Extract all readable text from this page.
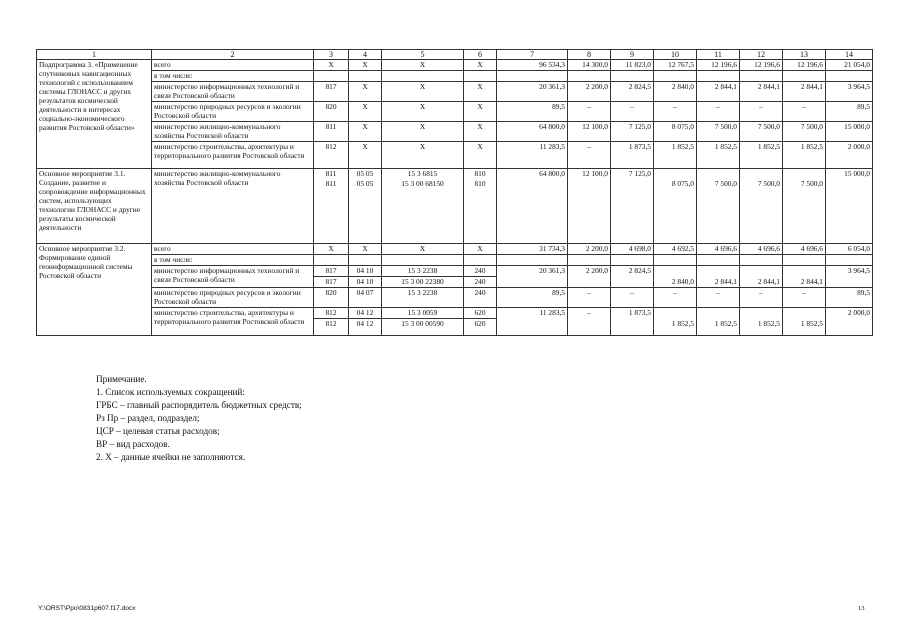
1	2	3	4	5	6	7	8	9	10	11	12	13	14
Подпрограмма 3. «Применение спутниковых навигационных технологий с использованием системы ГЛОНАСС и других результатов космической деятельности в интересах социально-экономического развития Ростовской области»	всего	Х	Х	Х	Х	96 534,3	14 300,0	11 823,0	12 767,5	12 196,6	12 196,6	12 196,6	21 054,0
	в том числе:												
	министерство информационных технологий и связи Ростовской области	817	Х	Х	Х	20 361,3	2 200,0	2 824,5	2 840,0	2 844,1	2 844,1	2 844,1	3 964,5
	министерство природных ресурсов и экологии Ростовской области	820	Х	Х	Х	89,5	–	–	–	–	–	–	89,5
	министерство жилищно-коммунального хозяйства Ростовской области	811	Х	Х	Х	64 800,0	12 100,0	7 125,0	8 075,0	7 500,0	7 500,0	7 500,0	15 000,0
	министерство строительства, архитектуры и территориального развития Ростовской области	812	Х	Х	Х	11 283,5	–	1 873,5	1 852,5	1 852,5	1 852,5	1 852,5	2 000,0
Основное мероприятие 3.1. Создание, развитие и сопровождение информационных систем, использующих технологии ГЛОНАСС и другие результаты космической деятельности	министерство жилищно-коммунального хозяйства Ростовской области	811	05 05	15 3 6815	810	64 800,0	12 100,0	7 125,0					15 000,0
		811	05 05	15 3 00 68150	810				8 075,0	7 500,0	7 500,0	7 500,0	

Основное мероприятие 3.2. Формирование единой геоинформационной системы Ростовской области	всего	Х	Х	Х	Х	31 734,3	2 200,0	4 698,0	4 692,5	4 696,6	4 696,6	4 696,6	6 054,0
	в том числе:												
	министерство информационных технологий и связи Ростовской области	817	04 10	15 3 2238	240	20 361,3	2 200,0	2 824,5					3 964,5
		817	04 10	15 3 00 22380	240				2 840,0	2 844,1	2 844,1	2 844,1	
	министерство природных ресурсов и экологии Ростовской области	820	04 07	15 3 2238	240	89,5	–	–	–	–	–	–	89,5
	министерство строительства, архитектуры и территориального развития Ростовской области	812	04 12	15 3 0059	620	11 283,5	–	1 873,5					2 000,0
		812	04 12	15 3 00 00590	620				1 852,5	1 852,5	1 852,5	1 852,5	

Примечание.
1. Список используемых сокращений:
ГРБС – главный распорядитель бюджетных средств;
Рз Пр – раздел, подраздел;
ЦСР – целевая статья расходов;
ВР – вид расходов.
2. Х – данные ячейки не заполняются.
Y:\ORST\Ppo\0831p607.f17.docx	13
